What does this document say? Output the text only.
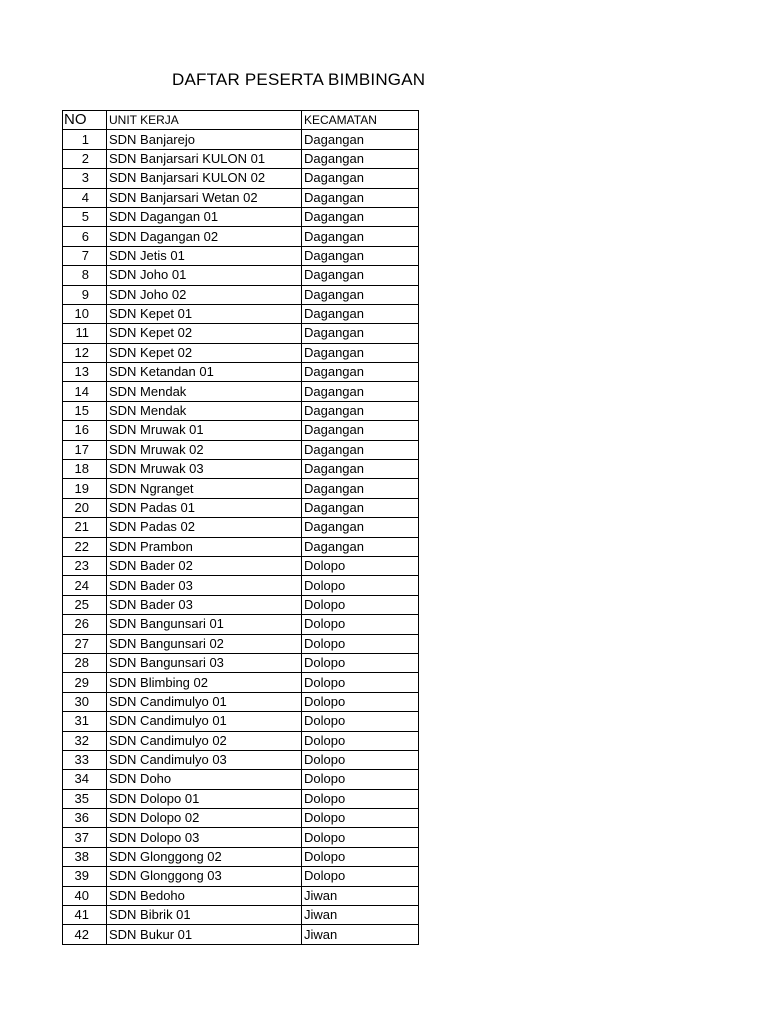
DAFTAR PESERTA BIMBINGAN
NO	UNIT KERJA	KECAMATAN
1	SDN Banjarejo	Dagangan
2	SDN Banjarsari KULON 01	Dagangan
3	SDN Banjarsari KULON 02	Dagangan
4	SDN Banjarsari Wetan 02	Dagangan
5	SDN Dagangan 01	Dagangan
6	SDN Dagangan 02	Dagangan
7	SDN Jetis 01	Dagangan
8	SDN Joho 01	Dagangan
9	SDN Joho 02	Dagangan
10	SDN Kepet 01	Dagangan
11	SDN Kepet 02	Dagangan
12	SDN Kepet 02	Dagangan
13	SDN Ketandan 01	Dagangan
14	SDN Mendak	Dagangan
15	SDN Mendak	Dagangan
16	SDN Mruwak 01	Dagangan
17	SDN Mruwak 02	Dagangan
18	SDN Mruwak 03	Dagangan
19	SDN Ngranget	Dagangan
20	SDN Padas 01	Dagangan
21	SDN Padas 02	Dagangan
22	SDN Prambon	Dagangan
23	SDN Bader 02	Dolopo
24	SDN Bader 03	Dolopo
25	SDN Bader 03	Dolopo
26	SDN Bangunsari 01	Dolopo
27	SDN Bangunsari 02	Dolopo
28	SDN Bangunsari 03	Dolopo
29	SDN Blimbing 02	Dolopo
30	SDN Candimulyo 01	Dolopo
31	SDN Candimulyo 01	Dolopo
32	SDN Candimulyo 02	Dolopo
33	SDN Candimulyo 03	Dolopo
34	SDN Doho	Dolopo
35	SDN Dolopo 01	Dolopo
36	SDN Dolopo 02	Dolopo
37	SDN Dolopo 03	Dolopo
38	SDN Glonggong 02	Dolopo
39	SDN Glonggong 03	Dolopo
40	SDN Bedoho	Jiwan
41	SDN Bibrik 01	Jiwan
42	SDN Bukur 01	Jiwan
